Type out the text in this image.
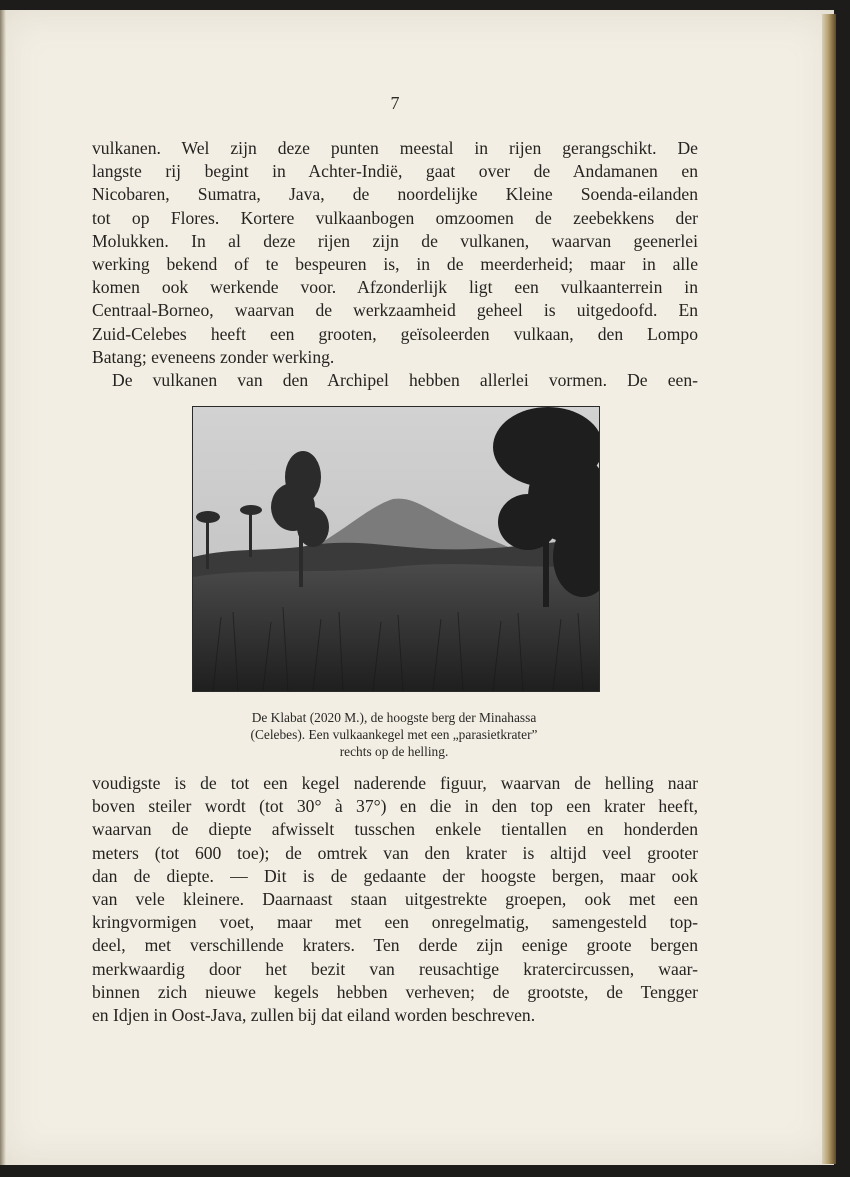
7
vulkanen. Wel zijn deze punten meestal in rijen gerangschikt. De
langste rij begint in Achter-Indië, gaat over de Andamanen en
Nicobaren, Sumatra, Java, de noordelijke Kleine Soenda-eilanden
tot op Flores. Kortere vulkaanbogen omzoomen de zeebekkens der
Molukken. In al deze rijen zijn de vulkanen, waarvan geenerlei
werking bekend of te bespeuren is, in de meerderheid; maar in alle
komen ook werkende voor. Afzonderlijk ligt een vulkaanterrein in
Centraal-Borneo, waarvan de werkzaamheid geheel is uitgedoofd. En
Zuid-Celebes heeft een grooten, geïsoleerden vulkaan, den Lompo
Batang; eveneens zonder werking.
De vulkanen van den Archipel hebben allerlei vormen. De een-
De Klabat (2020 M.), de hoogste berg der Minahassa
(Celebes). Een vulkaankegel met een „parasietkrater”
rechts op de helling.
voudigste is de tot een kegel naderende figuur, waarvan de helling naar
boven steiler wordt (tot 30° à 37°) en die in den top een krater heeft,
waarvan de diepte afwisselt tusschen enkele tientallen en honderden
meters (tot 600 toe); de omtrek van den krater is altijd veel grooter
dan de diepte. — Dit is de gedaante der hoogste bergen, maar ook
van vele kleinere. Daarnaast staan uitgestrekte groepen, ook met een
kringvormigen voet, maar met een onregelmatig, samengesteld top-
deel, met verschillende kraters. Ten derde zijn eenige groote bergen
merkwaardig door het bezit van reusachtige kratercircussen, waar-
binnen zich nieuwe kegels hebben verheven; de grootste, de Tengger
en Idjen in Oost-Java, zullen bij dat eiland worden beschreven.
